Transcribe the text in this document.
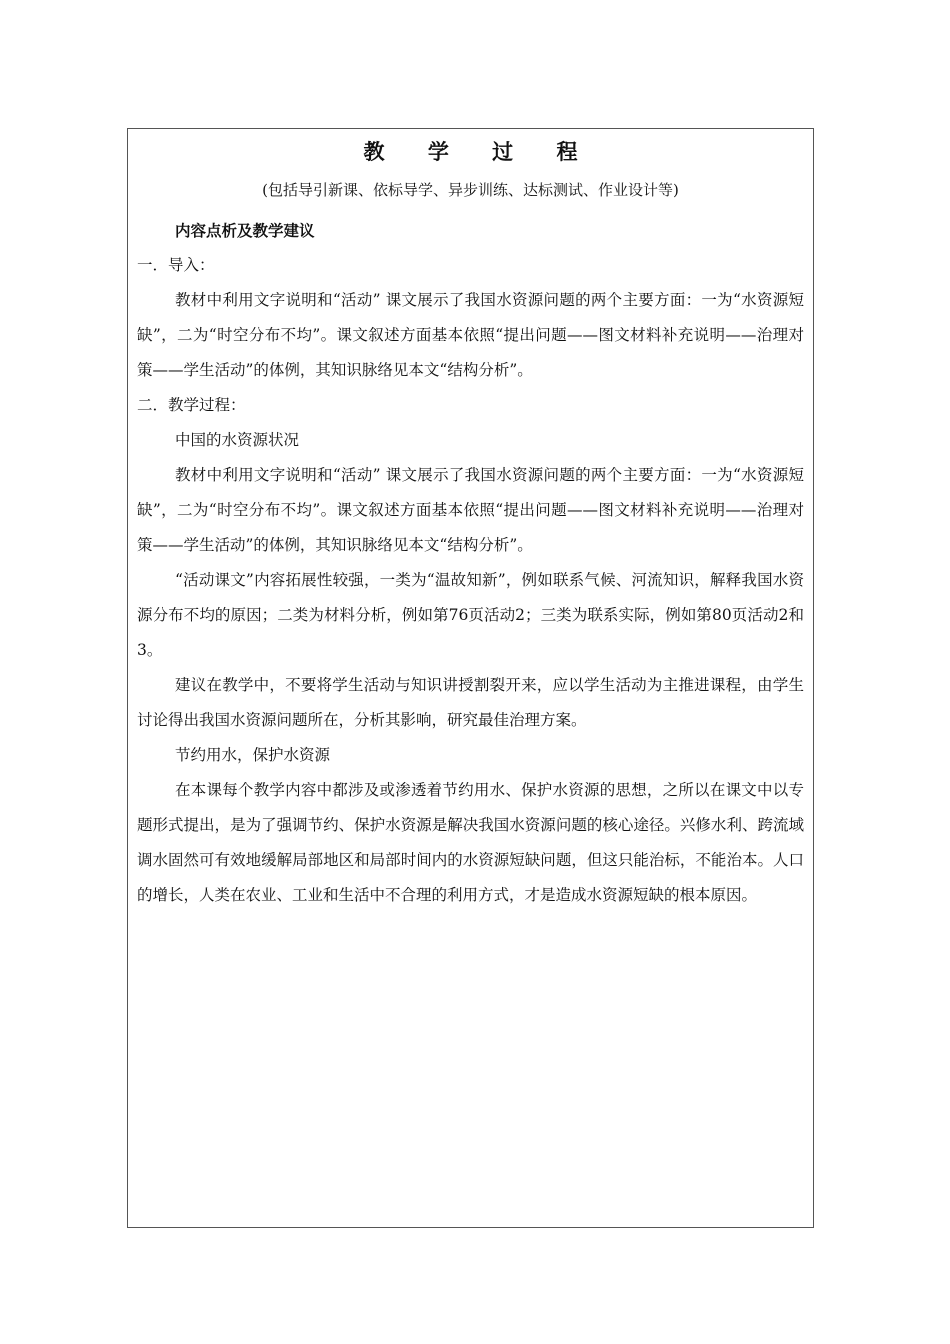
教 学 过 程
(包括导引新课、依标导学、异步训练、达标测试、作业设计等)

内容点析及教学建议

一．导入：

教材中利用文字说明和“活动” 课文展示了我国水资源问题的两个主要方面：一为“水资源短缺”，二为“时空分布不均”。课文叙述方面基本依照“提出问题——图文材料补充说明——治理对策——学生活动”的体例，其知识脉络见本文“结构分析”。

二．教学过程：

中国的水资源状况

教材中利用文字说明和“活动” 课文展示了我国水资源问题的两个主要方面：一为“水资源短缺”，二为“时空分布不均”。课文叙述方面基本依照“提出问题——图文材料补充说明——治理对策——学生活动”的体例，其知识脉络见本文“结构分析”。

“活动课文”内容拓展性较强，一类为“温故知新”，例如联系气候、河流知识，解释我国水资源分布不均的原因；二类为材料分析，例如第76页活动2；三类为联系实际，例如第80页活动2和3。

建议在教学中，不要将学生活动与知识讲授割裂开来，应以学生活动为主推进课程，由学生讨论得出我国水资源问题所在，分析其影响，研究最佳治理方案。

节约用水，保护水资源

在本课每个教学内容中都涉及或渗透着节约用水、保护水资源的思想，之所以在课文中以专题形式提出，是为了强调节约、保护水资源是解决我国水资源问题的核心途径。兴修水利、跨流域调水固然可有效地缓解局部地区和局部时间内的水资源短缺问题，但这只能治标，不能治本。人口的增长，人类在农业、工业和生活中不合理的利用方式，才是造成水资源短缺的根本原因。
